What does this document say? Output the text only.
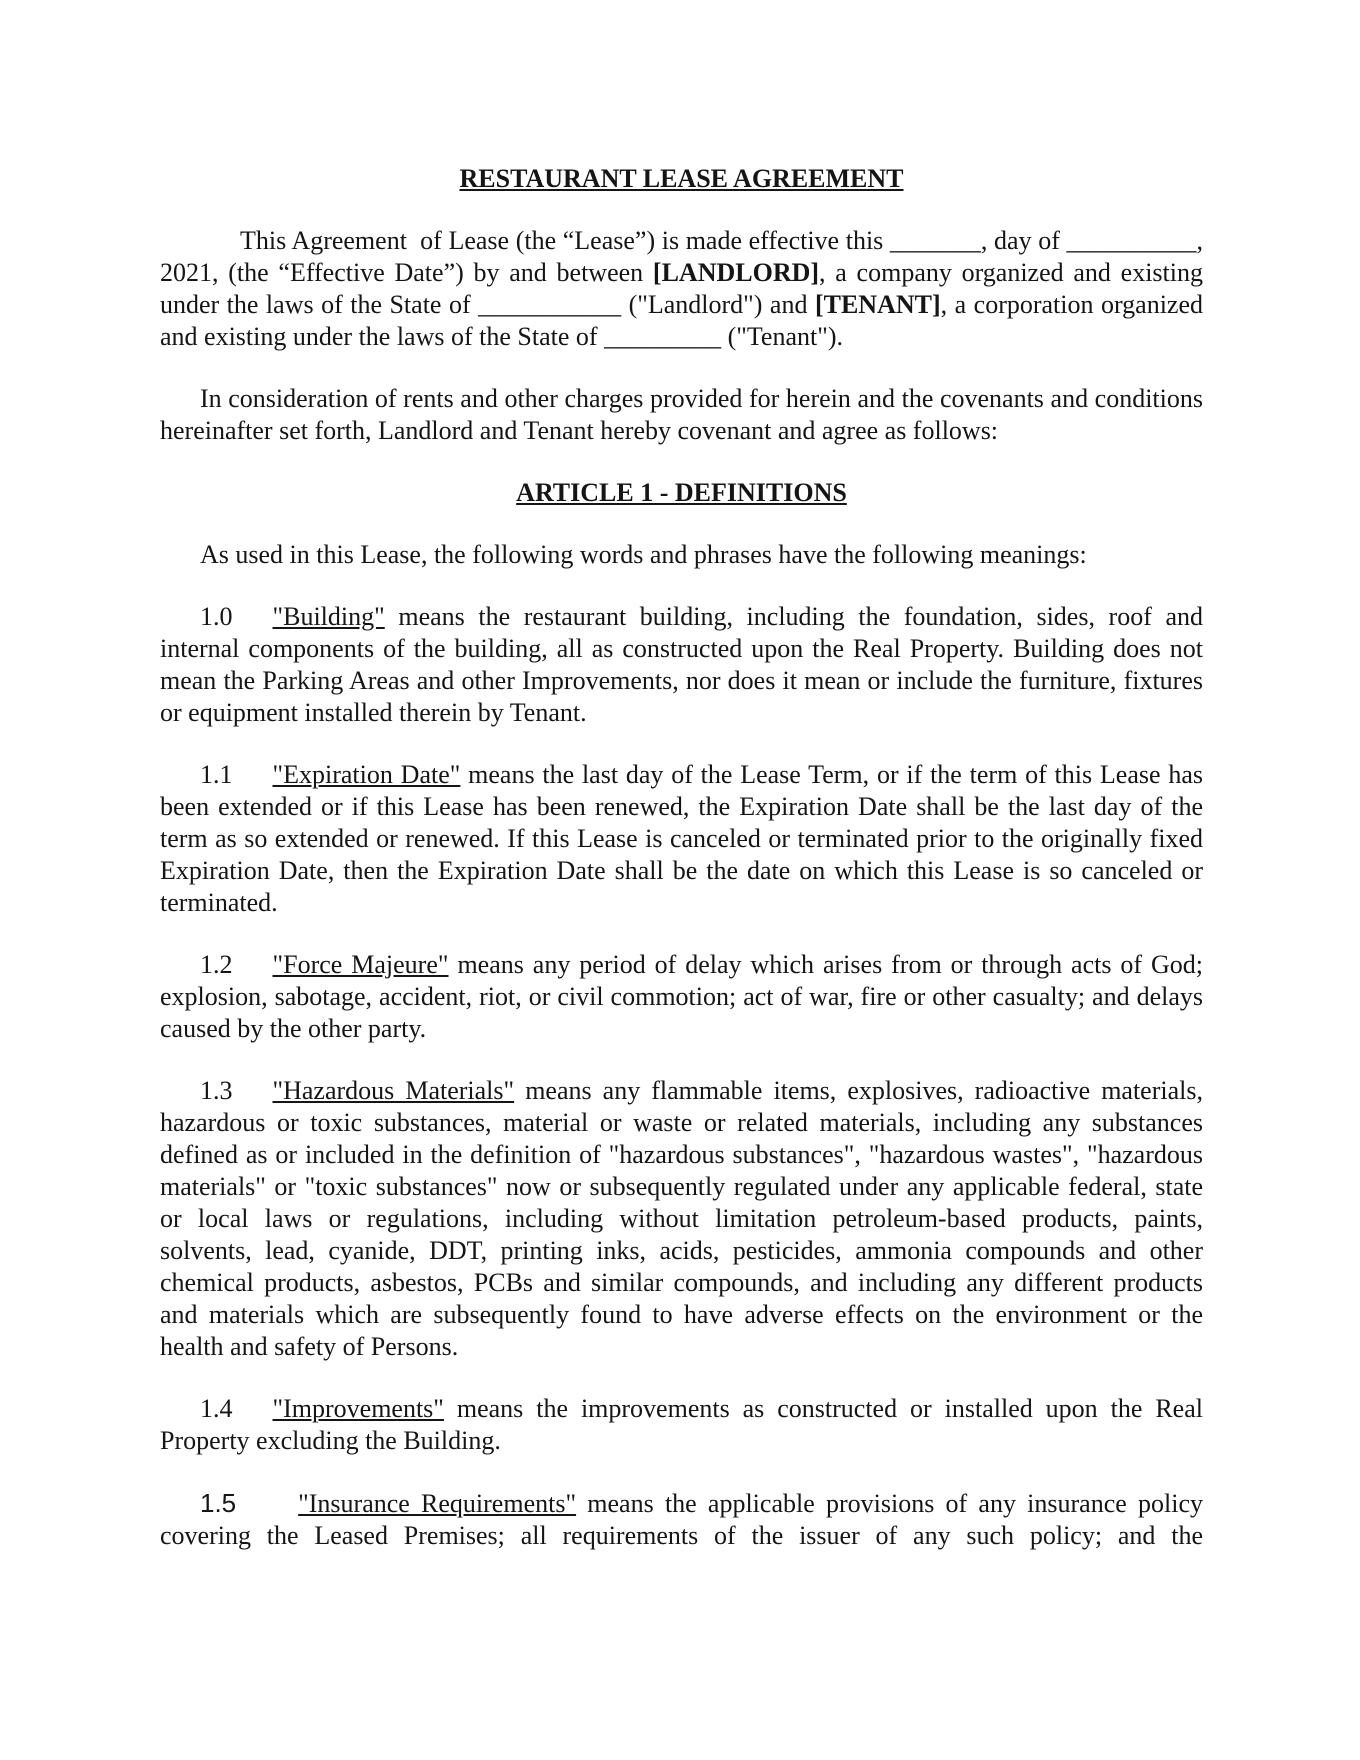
RESTAURANT LEASE AGREEMENT

This Agreement  of Lease (the “Lease”) is made effective this _______, day of __________, 2021, (the “Effective Date”) by and between [LANDLORD], a company organized and existing under the laws of the State of ___________ ("Landlord") and [TENANT], a corporation organized and existing under the laws of the State of _________ ("Tenant").

In consideration of rents and other charges provided for herein and the covenants and conditions hereinafter set forth, Landlord and Tenant hereby covenant and agree as follows:

ARTICLE 1 - DEFINITIONS

As used in this Lease, the following words and phrases have the following meanings:

1.0 "Building" means the restaurant building, including the foundation, sides, roof and internal components of the building, all as constructed upon the Real Property. Building does not mean the Parking Areas and other Improvements, nor does it mean or include the furniture, fixtures or equipment installed therein by Tenant.

1.1 "Expiration Date" means the last day of the Lease Term, or if the term of this Lease has been extended or if this Lease has been renewed, the Expiration Date shall be the last day of the term as so extended or renewed. If this Lease is canceled or terminated prior to the originally fixed Expiration Date, then the Expiration Date shall be the date on which this Lease is so canceled or terminated.

1.2 "Force Majeure" means any period of delay which arises from or through acts of God; explosion, sabotage, accident, riot, or civil commotion; act of war, fire or other casualty; and delays caused by the other party.

1.3 "Hazardous Materials" means any flammable items, explosives, radioactive materials, hazardous or toxic substances, material or waste or related materials, including any substances defined as or included in the definition of "hazardous substances", "hazardous wastes", "hazardous materials" or "toxic substances" now or subsequently regulated under any applicable federal, state or local laws or regulations, including without limitation petroleum-based products, paints, solvents, lead, cyanide, DDT, printing inks, acids, pesticides, ammonia compounds and other chemical products, asbestos, PCBs and similar compounds, and including any different products and materials which are subsequently found to have adverse effects on the environment or the health and safety of Persons.

1.4 "Improvements" means the improvements as constructed or installed upon the Real Property excluding the Building.

1.5 "Insurance Requirements" means the applicable provisions of any insurance policy covering the Leased Premises; all requirements of the issuer of any such policy; and the
